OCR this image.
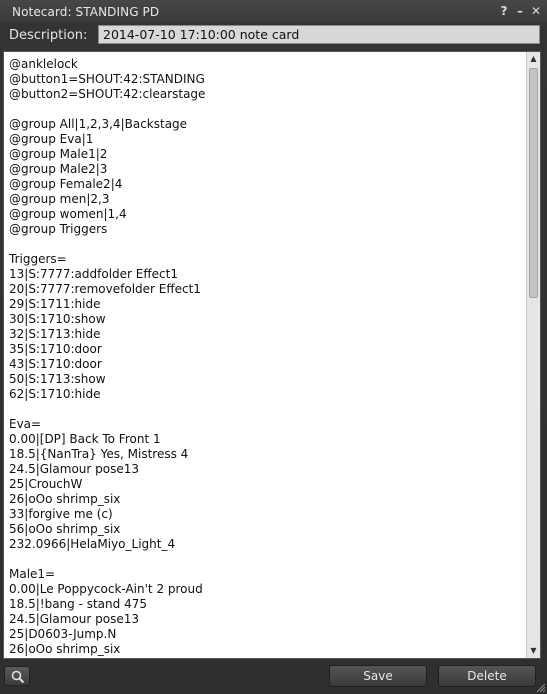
Notecard: STANDING PD	? – ✕
Description:	2014-07-10 17:10:00 note card
@anklelock
@button1=SHOUT:42:STANDING
@button2=SHOUT:42:clearstage
@group All|1,2,3,4|Backstage
@group Eva|1
@group Male1|2
@group Male2|3
@group Female2|4
@group men|2,3
@group women|1,4
@group Triggers
Triggers=
13|S:7777:addfolder Effect1
20|S:7777:removefolder Effect1
29|S:1711:hide
30|S:1710:show
32|S:1713:hide
35|S:1710:door
43|S:1710:door
50|S:1713:show
62|S:1710:hide
Eva=
0.00|[DP] Back To Front 1
18.5|{NanTra} Yes, Mistress 4
24.5|Glamour pose13
25|CrouchW
26|oOo shrimp_six
33|forgive me (c)
56|oOo shrimp_six
232.0966|HelaMiyo_Light_4
Male1=
0.00|Le Poppycock-Ain't 2 proud
18.5|!bang - stand 475
24.5|Glamour pose13
25|D0603-Jump.N
26|oOo shrimp_six
▲
▼
Save	Delete
